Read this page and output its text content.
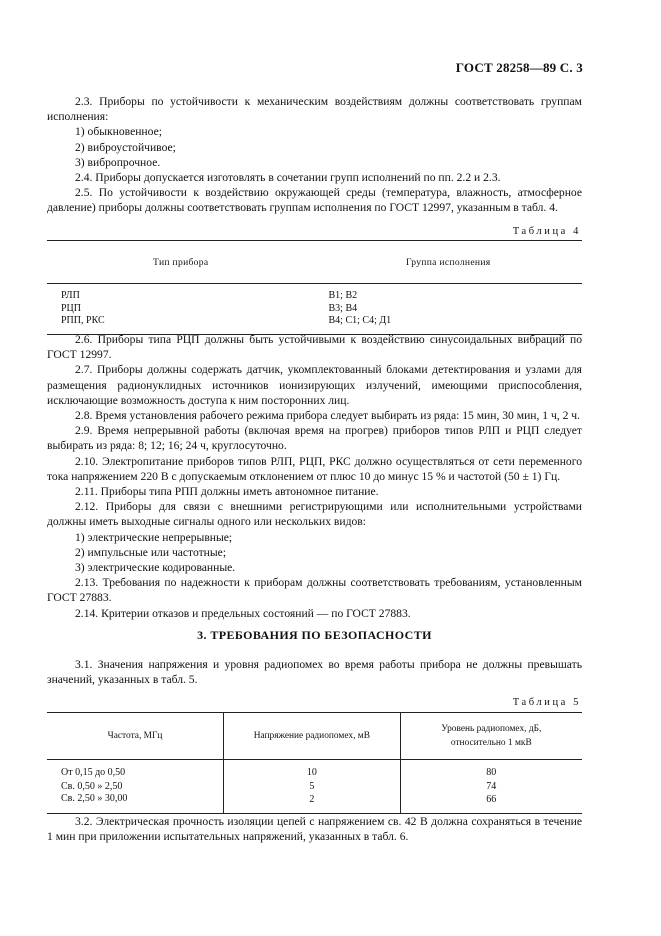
ГОСТ 28258—89 С. 3

2.3. Приборы по устойчивости к механическим воздействиям должны соответствовать группам исполнения:

1) обыкновенное;

2) виброустойчивое;

3) вибропрочное.

2.4. Приборы допускается изготовлять в сочетании групп исполнений по пп. 2.2 и 2.3.

2.5. По устойчивости к воздействию окружающей среды (температура, влажность, атмосферное давление) приборы должны соответствовать группам исполнения по ГОСТ 12997, указанным в табл. 4.

Таблица 4
Тип прибора	Группа исполнения
РЛП	В1; В2
РЦП	В3; В4
РПП, РКС	В4; С1; С4; Д1

2.6. Приборы типа РЦП должны быть устойчивыми к воздействию синусоидальных вибраций по ГОСТ 12997.

2.7. Приборы должны содержать датчик, укомплектованный блоками детектирования и узлами для размещения радионуклидных источников ионизирующих излучений, имеющими приспособления, исключающие возможность доступа к ним посторонних лиц.

2.8. Время установления рабочего режима прибора следует выбирать из ряда: 15 мин, 30 мин, 1 ч, 2 ч.

2.9. Время непрерывной работы (включая время на прогрев) приборов типов РЛП и РЦП следует выбирать из ряда: 8; 12; 16; 24 ч, круглосуточно.

2.10. Электропитание приборов типов РЛП, РЦП, РКС должно осуществляться от сети переменного тока напряжением 220 В с допускаемым отклонением от плюс 10 до минус 15 % и частотой (50 ± 1) Гц.

2.11. Приборы типа РПП должны иметь автономное питание.

2.12. Приборы для связи с внешними регистрирующими или исполнительными устройствами должны иметь выходные сигналы одного или нескольких видов:

1) электрические непрерывные;

2) импульсные или частотные;

3) электрические кодированные.

2.13. Требования по надежности к приборам должны соответствовать требованиям, установленным ГОСТ 27883.

2.14. Критерии отказов и предельных состояний — по ГОСТ 27883.

3. ТРЕБОВАНИЯ ПО БЕЗОПАСНОСТИ

3.1. Значения напряжения и уровня радиопомех во время работы прибора не должны превышать значений, указанных в табл. 5.

Таблица 5
Частота, МГц	Напряжение радиопомех, мВ	Уровень радиопомех, дБ,
относительно 1 мкВ

От 0,15 до 0,50	10	80
Св. 0,50 » 2,50	5	74
Св. 2,50 » 30,00	2	66

3.2. Электрическая прочность изоляции цепей с напряжением св. 42 В должна сохраняться в течение 1 мин при приложении испытательных напряжений, указанных в табл. 6.
